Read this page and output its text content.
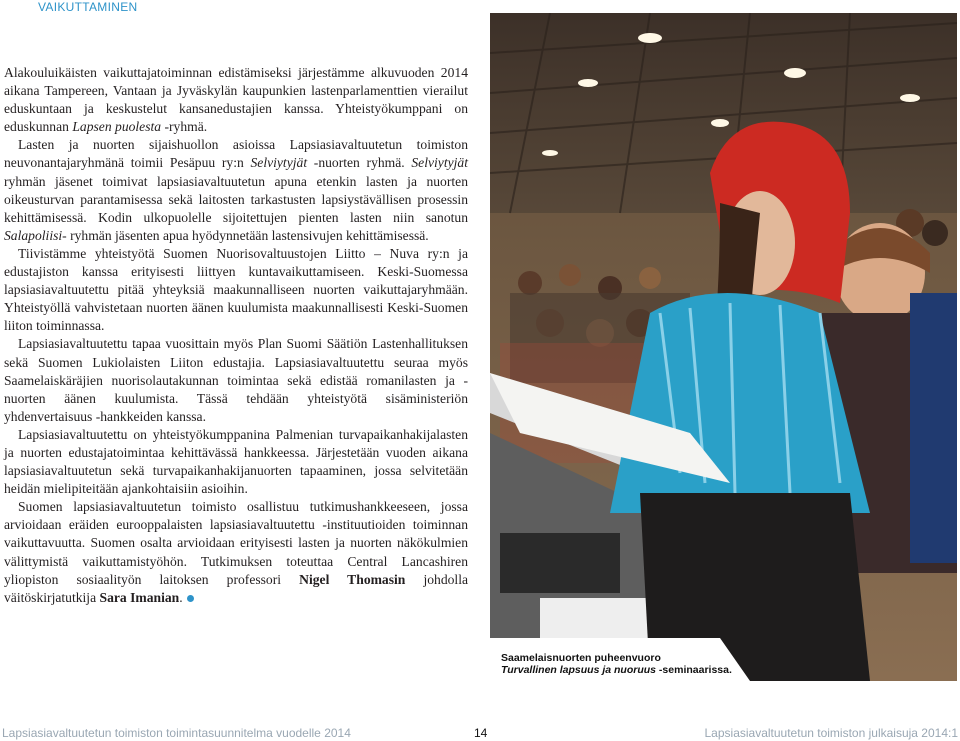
VAIKUTTAMINEN

Alakouluikäisten vaikuttajatoiminnan edistämiseksi järjestämme alkuvuoden 2014 aikana Tampereen, Vantaan ja Jyväskylän kaupunkien lastenparlamenttien vierailut eduskuntaan ja keskustelut kansanedustajien kanssa. Yhteistyökumppani on eduskunnan Lapsen puolesta -ryhmä.

Lasten ja nuorten sijaishuollon asioissa Lapsiasiavaltuutetun toimiston neuvonantajaryhmänä toimii Pesäpuu ry:n Selviytyjät -nuorten ryhmä. Selviytyjät ryhmän jäsenet toimivat lapsiasiavaltuutetun apuna etenkin lasten ja nuorten oikeusturvan parantamisessa sekä laitosten tarkastusten lapsiystävällisen prosessin kehittämisessä. Kodin ulkopuolelle sijoitettujen pienten lasten niin sanotun Salapoliisi- ryhmän jäsenten apua hyödynnetään lastensivujen kehittämisessä.

Tiivistämme yhteistyötä Suomen Nuorisovaltuustojen Liitto – Nuva ry:n ja edustajiston kanssa erityisesti liittyen kuntavaikuttamiseen. Keski-Suomessa lapsiasiavaltuutettu pitää yhteyksiä maakunnalliseen nuorten vaikuttajaryhmään. Yhteistyöllä vahvistetaan nuorten äänen kuulumista maakunnallisesti Keski-Suomen liiton toiminnassa.

Lapsiasiavaltuutettu tapaa vuosittain myös Plan Suomi Säätiön Lastenhallituksen sekä Suomen Lukiolaisten Liiton edustajia. Lapsiasiavaltuutettu seuraa myös Saamelaiskäräjien nuorisolautakunnan toimintaa sekä edistää romanilasten ja -nuorten äänen kuulumista. Tässä tehdään yhteistyötä sisäministeriön yhdenvertaisuus -hankkeiden kanssa.

Lapsiasiavaltuutettu on yhteistyökumppanina Palmenian turvapaikanhakijalasten ja nuorten edustajatoimintaa kehittävässä hankkeessa. Järjestetään vuoden aikana lapsiasiavaltuutetun sekä turvapaikanhakijanuorten tapaaminen, jossa selvitetään heidän mielipiteitään ajankohtaisiin asioihin.

Suomen lapsiasiavaltuutetun toimisto osallistuu tutkimushankkeeseen, jossa arvioidaan eräiden eurooppalaisten lapsiasiavaltuutettu -instituutioiden toiminnan vaikuttavuutta. Suomen osalta arvioidaan erityisesti lasten ja nuorten näkökulmien välittymistä vaikuttamistyöhön. Tutkimuksen toteuttaa Central Lancashiren yliopiston sosiaalityön laitoksen professori Nigel Thomasin johdolla väitöskirjatutkija Sara Imanian.

Saamelaisnuorten puheenvuoro
Turvallinen lapsuus ja nuoruus -seminaarissa.
Lapsiasiavaltuutetun toimiston toimintasuunnitelma vuodelle 2014	14	Lapsiasiavaltuutetun toimiston julkaisuja 2014:1
